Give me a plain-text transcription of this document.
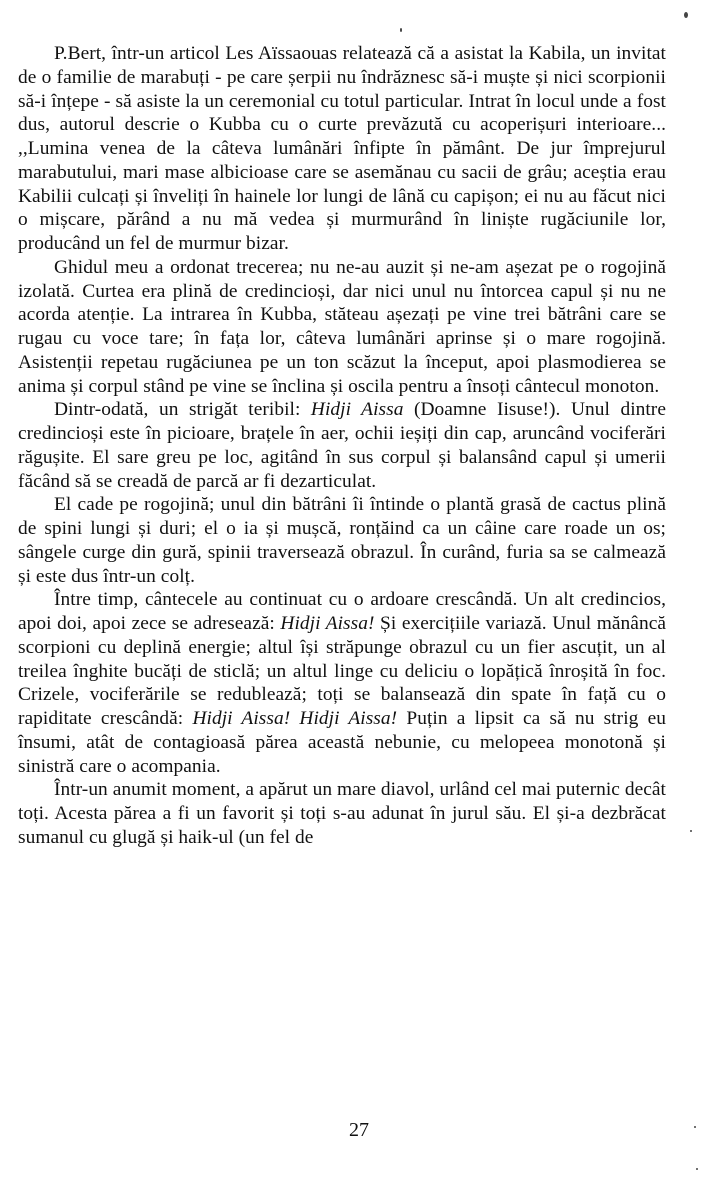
P.Bert, într-un articol Les Aïssaouas relatează că a asistat la Kabila, un invitat de o familie de marabuți - pe care șerpii nu îndrăznesc să-i muște și nici scorpionii să-i înțepe - să asiste la un ceremonial cu totul particular. Intrat în locul unde a fost dus, autorul descrie o Kubba cu o curte prevăzută cu acoperișuri interioare... ,,Lumina venea de la câteva lumânări înfipte în pământ. De jur împrejurul marabutului, mari mase albicioase care se asemănau cu sacii de grâu; aceștia erau Kabilii culcați și înveliți în hainele lor lungi de lână cu capișon; ei nu au făcut nici o mișcare, părând a nu mă vedea și murmurând în liniște rugăciunile lor, producând un fel de murmur bizar.

Ghidul meu a ordonat trecerea; nu ne-au auzit și ne-am așezat pe o rogojină izolată. Curtea era plină de credincioși, dar nici unul nu întorcea capul și nu ne acorda atenție. La intrarea în Kubba, stăteau așezați pe vine trei bătrâni care se rugau cu voce tare; în fața lor, câteva lumânări aprinse și o mare rogojină. Asistenții repetau rugăciunea pe un ton scăzut la început, apoi plasmodierea se anima și corpul stând pe vine se înclina și oscila pentru a însoți cântecul monoton.

Dintr-odată, un strigăt teribil: Hidji Aissa (Doamne Iisuse!). Unul dintre credincioși este în picioare, brațele în aer, ochii ieșiți din cap, aruncând vociferări răgușite. El sare greu pe loc, agitând în sus corpul și balansând capul și umerii făcând să se creadă de parcă ar fi dezarticulat.

El cade pe rogojină; unul din bătrâni îi întinde o plantă grasă de cactus plină de spini lungi și duri; el o ia și mușcă, ronțăind ca un câine care roade un os; sângele curge din gură, spinii traversează obrazul. În curând, furia sa se calmează și este dus într-un colț.

Între timp, cântecele au continuat cu o ardoare crescândă. Un alt credincios, apoi doi, apoi zece se adresează: Hidji Aissa! Și exercițiile variază. Unul mănâncă scorpioni cu deplină energie; altul își străpunge obrazul cu un fier ascuțit, un al treilea înghite bucăți de sticlă; un altul linge cu deliciu o lopățică înroșită în foc. Crizele, vociferările se redublează; toți se balansează din spate în față cu o rapiditate crescândă: Hidji Aissa! Hidji Aissa! Puțin a lipsit ca să nu strig eu însumi, atât de contagioasă părea această nebunie, cu melopeea monotonă și sinistră care o acompania.

Într-un anumit moment, a apărut un mare diavol, urlând cel mai puternic decât toți. Acesta părea a fi un favorit și toți s-au adunat în jurul său. El și-a dezbrăcat sumanul cu glugă și haik-ul (un fel de

27
